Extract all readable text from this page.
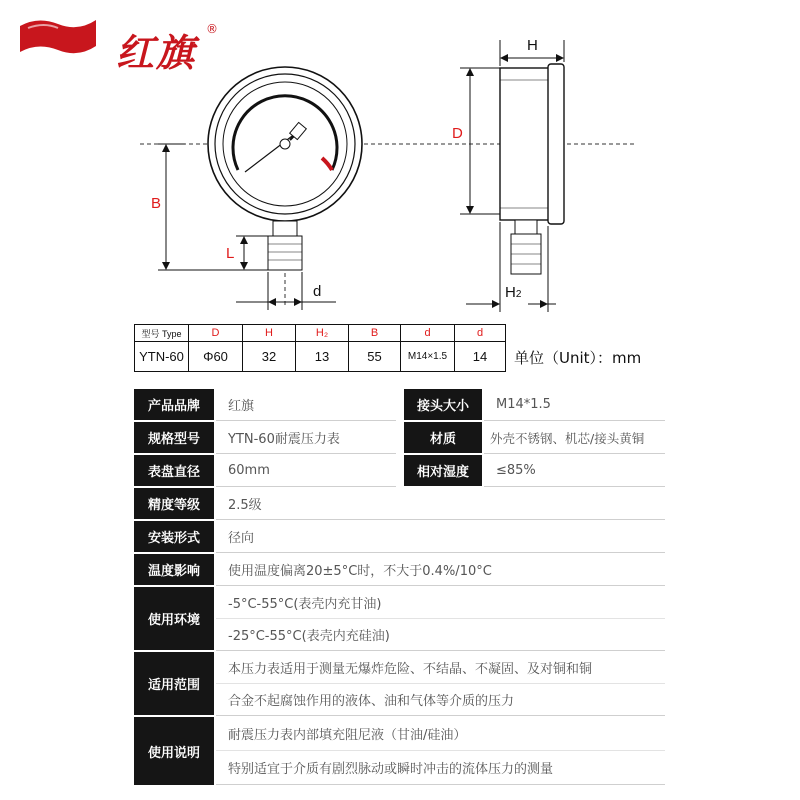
红旗
®
B
L
d
H
D
H2
型号 Type	D	H	H₂	B	d	d
YTN-60	Φ60	32	13	55	M14×1.5	14 单位（Unit）：mm
产品品牌	红旗	接头大小	M14*1.5
规格型号	YTN-60耐震压力表	材质	外壳不锈钢、机芯/接头黄铜
表盘直径	60mm	相对湿度	≤85%
精度等级	2.5级
安装形式	径向
温度影响	使用温度偏离20±5°C时，不大于0.4%/10°C
使用环境
-5°C-55°C(表壳内充甘油)
-25°C-55°C(表壳内充硅油)
适用范围
本压力表适用于测量无爆炸危险、不结晶、不凝固、及对铜和铜
合金不起腐蚀作用的液体、油和气体等介质的压力
使用说明
耐震压力表内部填充阻尼液（甘油/硅油）
特别适宜于介质有剧烈脉动或瞬时冲击的流体压力的测量
